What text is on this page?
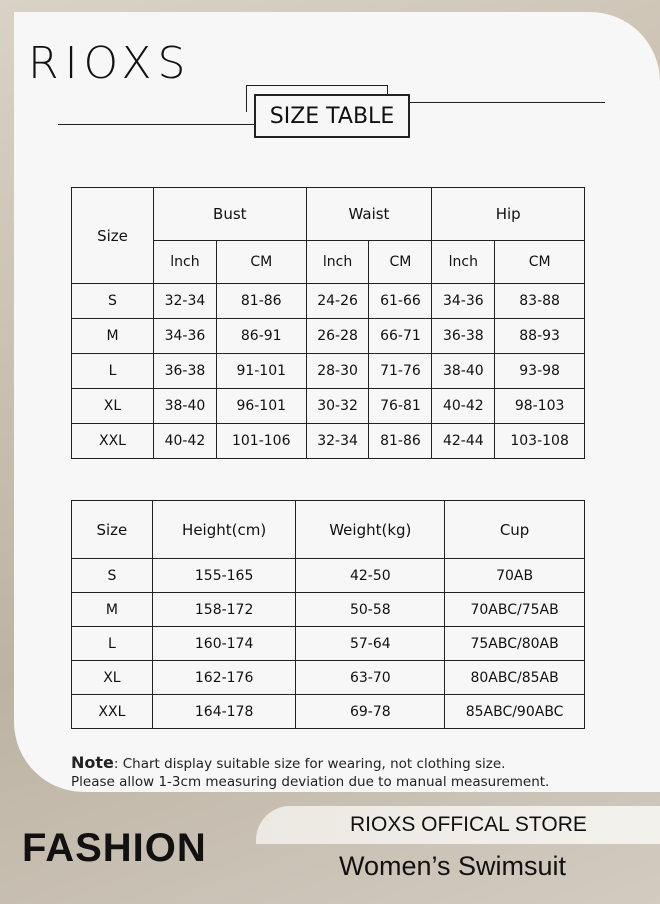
RIOXS
SIZE TABLE
Size	Bust		Waist		Hip	
	lnch	CM	lnch	CM	lnch	CM
S	32-34	81-86	24-26	61-66	34-36	83-88
M	34-36	86-91	26-28	66-71	36-38	88-93
L	36-38	91-101	28-30	71-76	38-40	93-98
XL	38-40	96-101	30-32	76-81	40-42	98-103
XXL	40-42	101-106	32-34	81-86	42-44	103-108
Size	Height(cm)	Weight(kg)	Cup
S	155-165	42-50	70AB
M	158-172	50-58	70ABC/75AB
L	160-174	57-64	75ABC/80AB
XL	162-176	63-70	80ABC/85AB
XXL	164-178	69-78	85ABC/90ABC
Note: Chart display suitable size for wearing, not clothing size.
Please allow 1-3cm measuring deviation due to manual measurement.
FASHION
RIOXS OFFICAL STORE
Women’s Swimsuit
